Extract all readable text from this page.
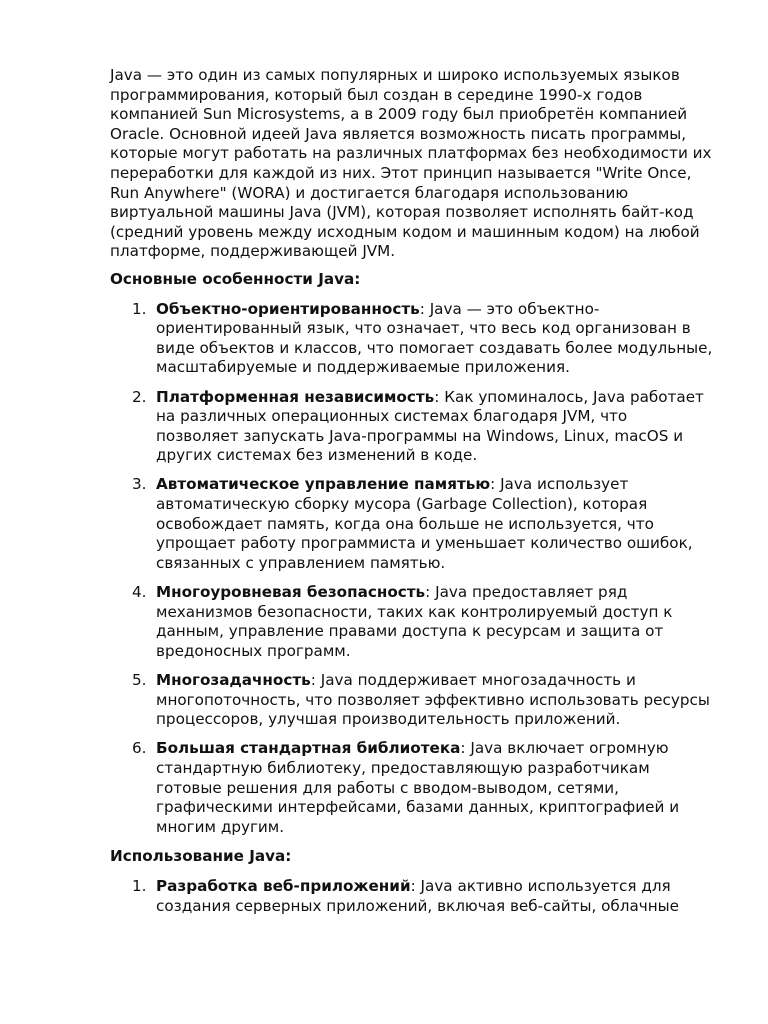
Java — это один из самых популярных и широко используемых языков программирования, который был создан в середине 1990-х годов компанией Sun Microsystems, а в 2009 году был приобретён компанией Oracle. Основной идеей Java является возможность писать программы, которые могут работать на различных платформах без необходимости их переработки для каждой из них. Этот принцип называется "Write Once, Run Anywhere" (WORA) и достигается благодаря использованию виртуальной машины Java (JVM), которая позволяет исполнять байт-код (средний уровень между исходным кодом и машинным кодом) на любой платформе, поддерживающей JVM.

Основные особенности Java:

1. Объектно-ориентированность: Java — это объектно-ориентированный язык, что означает, что весь код организован в виде объектов и классов, что помогает создавать более модульные, масштабируемые и поддерживаемые приложения.
2. Платформенная независимость: Как упоминалось, Java работает на различных операционных системах благодаря JVM, что позволяет запускать Java-программы на Windows, Linux, macOS и других системах без изменений в коде.
3. Автоматическое управление памятью: Java использует автоматическую сборку мусора (Garbage Collection), которая освобождает память, когда она больше не используется, что упрощает работу программиста и уменьшает количество ошибок, связанных с управлением памятью.
4. Многоуровневая безопасность: Java предоставляет ряд механизмов безопасности, таких как контролируемый доступ к данным, управление правами доступа к ресурсам и защита от вредоносных программ.
5. Многозадачность: Java поддерживает многозадачность и многопоточность, что позволяет эффективно использовать ресурсы процессоров, улучшая производительность приложений.
6. Большая стандартная библиотека: Java включает огромную стандартную библиотеку, предоставляющую разработчикам готовые решения для работы с вводом-выводом, сетями, графическими интерфейсами, базами данных, криптографией и многим другим.

Использование Java:

1. Разработка веб-приложений: Java активно используется для создания серверных приложений, включая веб-сайты, облачные
